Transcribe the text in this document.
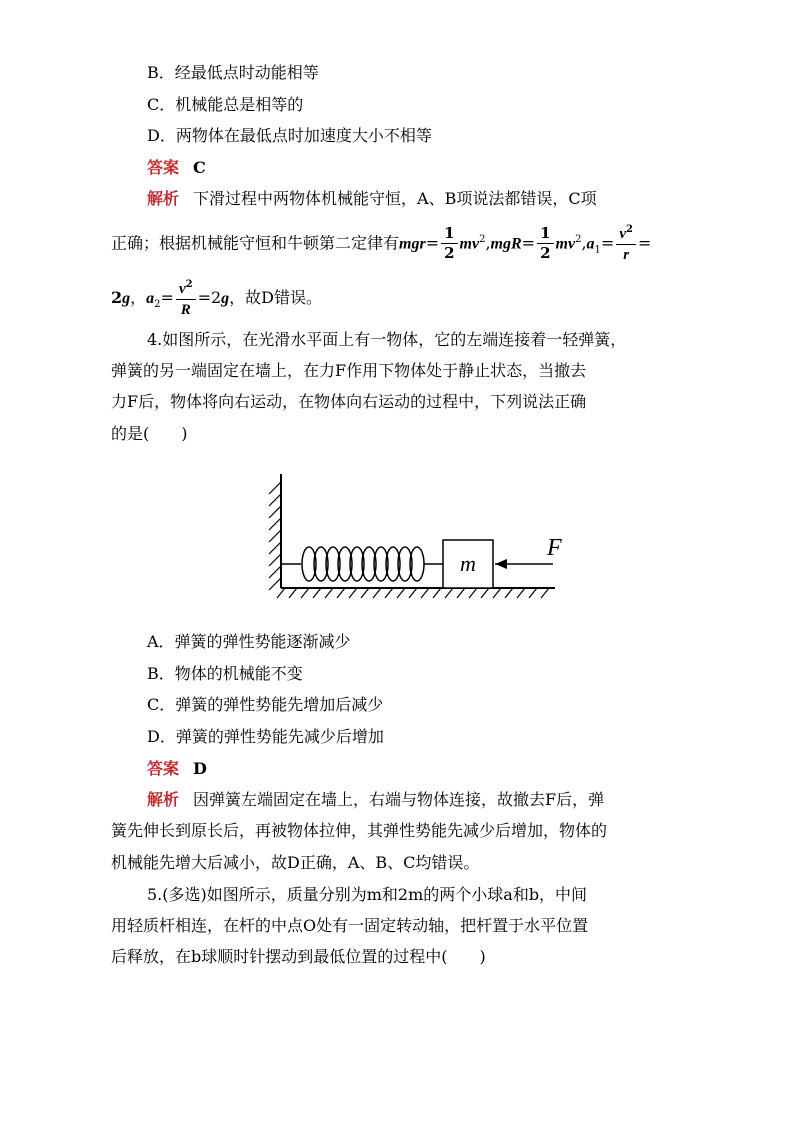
B．经最低点时动能相等
C．机械能总是相等的
D．两物体在最低点时加速度大小不相等
答案 C
解析 下滑过程中两物体机械能守恒，A、B项说法都错误，C项
正确；根据机械能守恒和牛顿第二定律有$mgr= \frac{1}{2} mv^2,mgR= \frac{1}{2} mv^2,a_1= \frac{v^2}{r}$ =
2g，$a_2= \frac{v^2}{R} =2g$，故D错误。
4.如图所示，在光滑水平面上有一物体，它的左端连接着一轻弹簧，
弹簧的另一端固定在墙上，在力F作用下物体处于静止状态，当撤去
力F后，物体将向右运动，在物体向右运动的过程中，下列说法正确
的是(　　)
m
F
A．弹簧的弹性势能逐渐减少
B．物体的机械能不变
C．弹簧的弹性势能先增加后减少
D．弹簧的弹性势能先减少后增加
答案 D
解析 因弹簧左端固定在墙上，右端与物体连接，故撤去F后，弹
簧先伸长到原长后，再被物体拉伸，其弹性势能先减少后增加，物体的
机械能先增大后减小，故D正确，A、B、C均错误。
5.(多选)如图所示，质量分别为m和2m的两个小球a和b，中间
用轻质杆相连，在杆的中点O处有一固定转动轴，把杆置于水平位置
后释放，在b球顺时针摆动到最低位置的过程中(　　)
